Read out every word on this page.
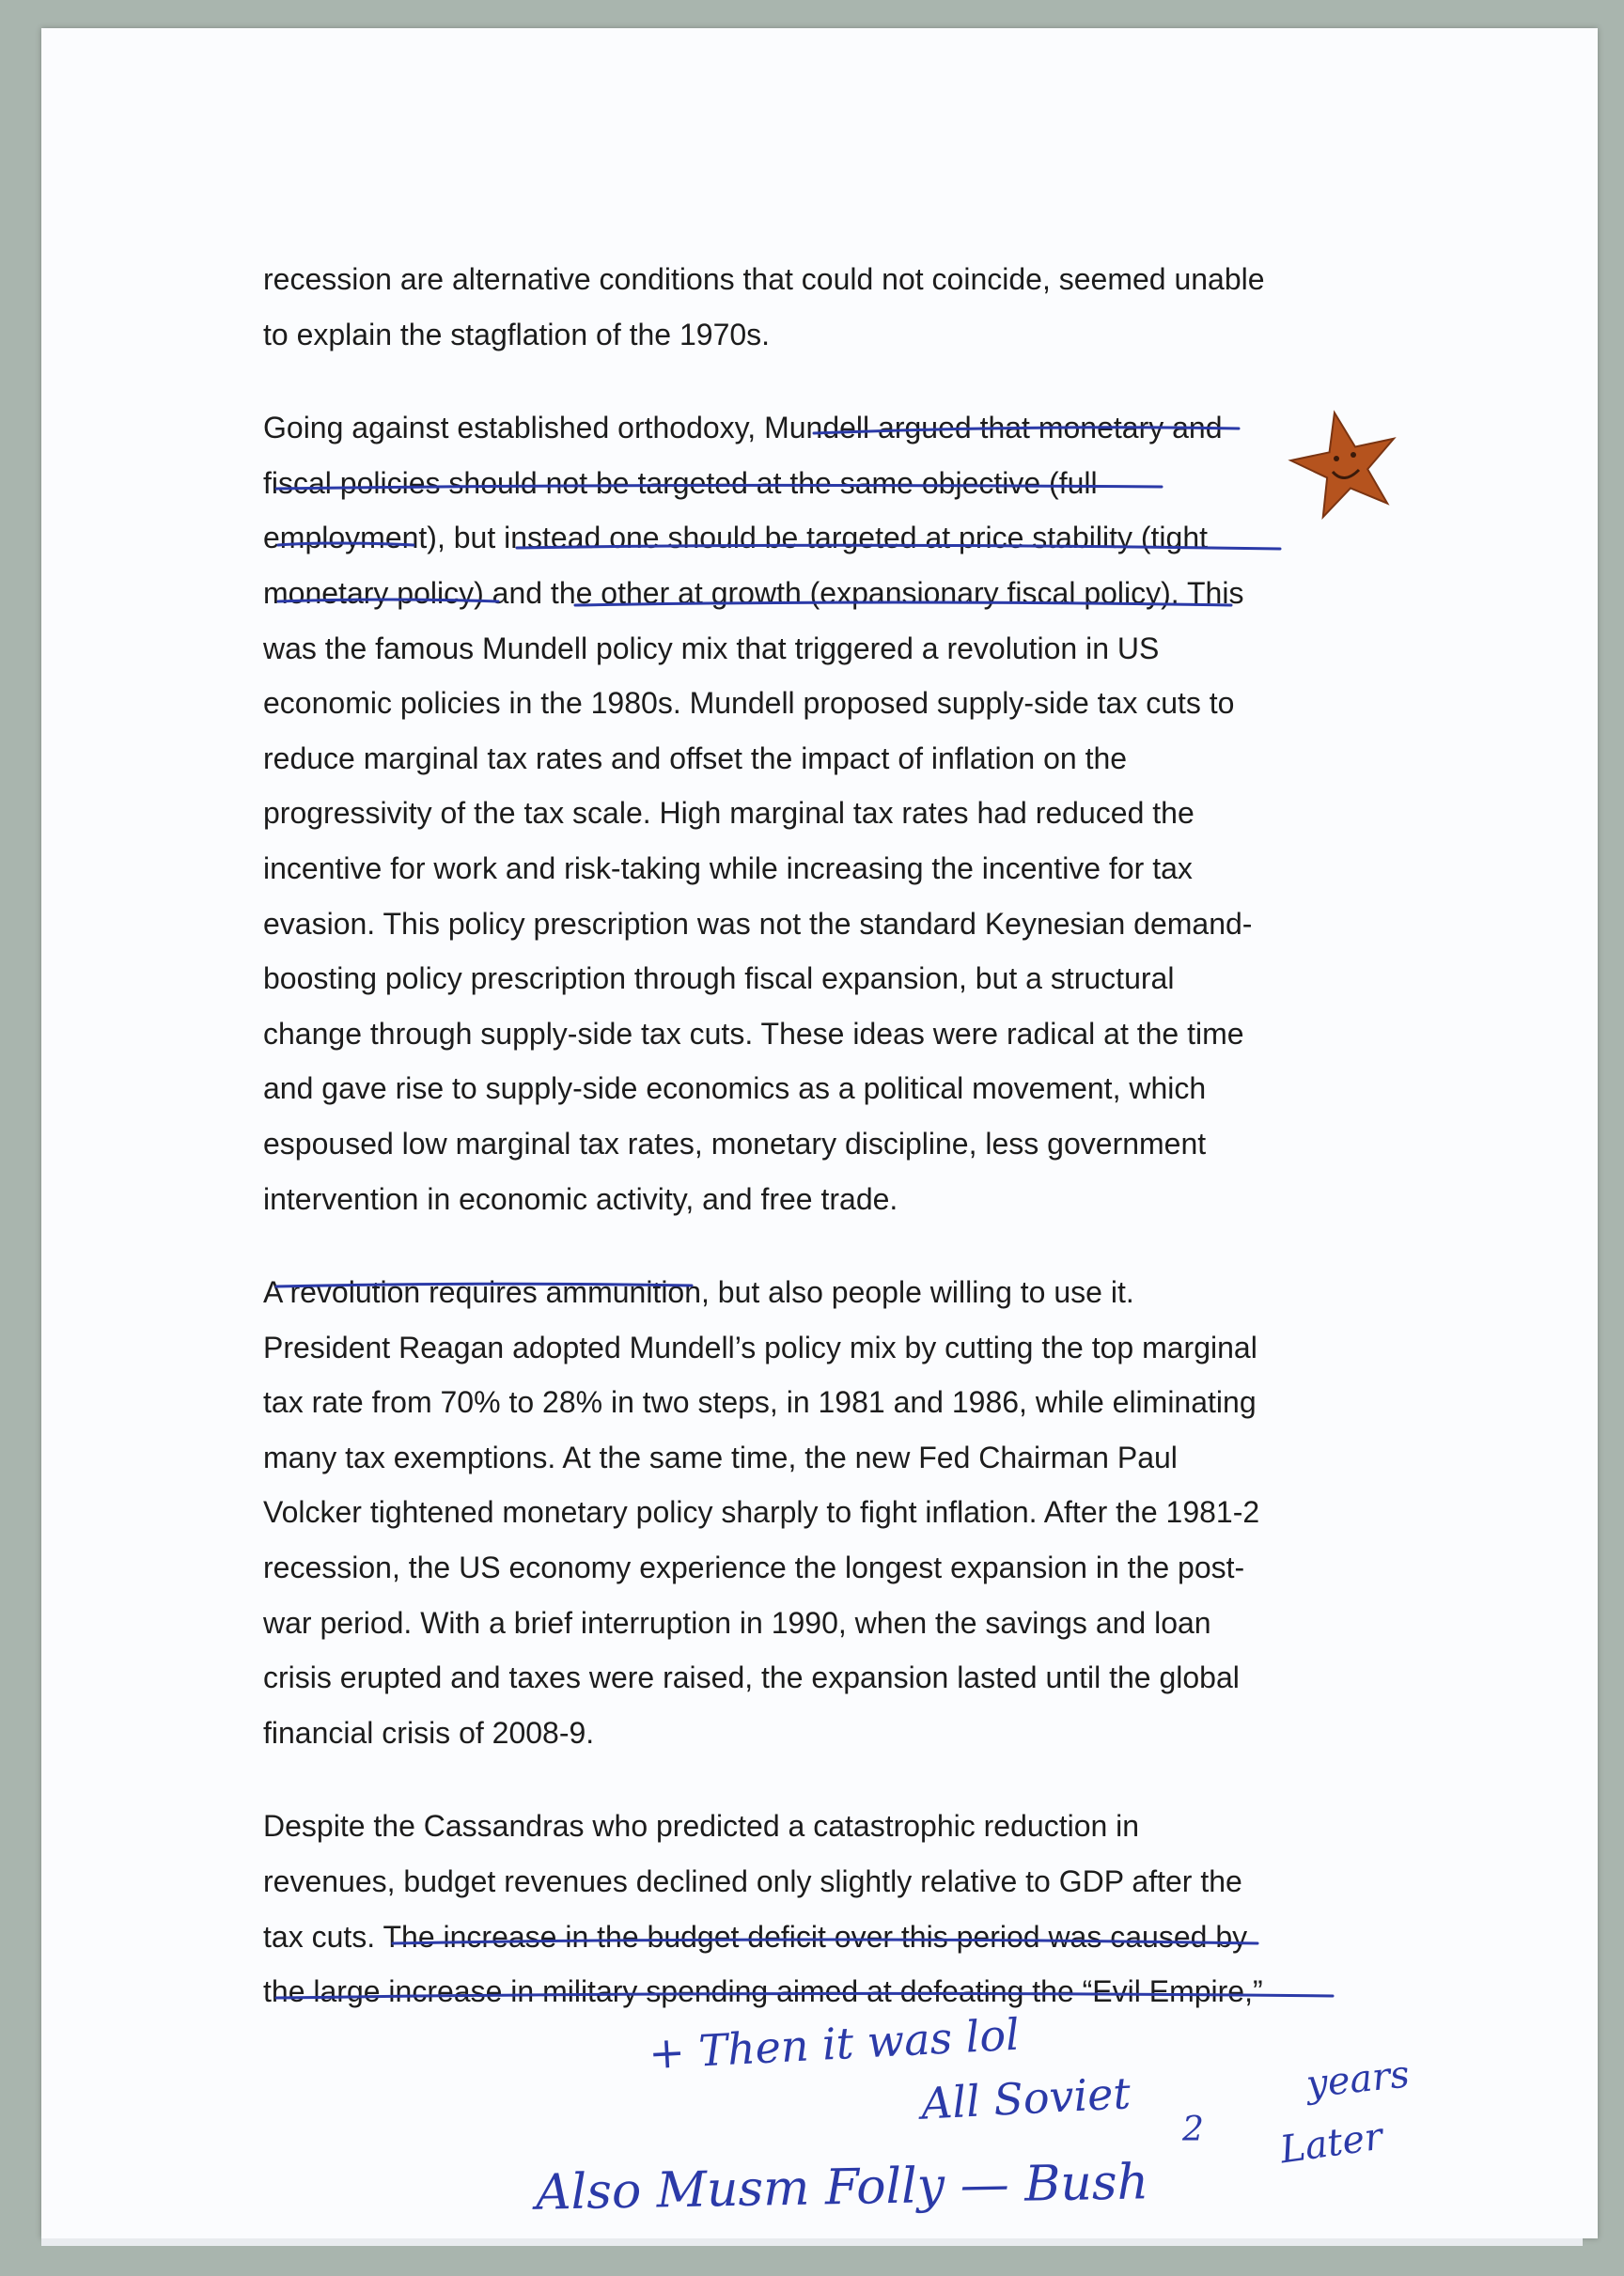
recession are alternative conditions that could not coincide, seemed unable
to explain the stagflation of the 1970s.
Going against established orthodoxy, Mundell argued that monetary and
fiscal policies should not be targeted at the same objective (full
employment), but instead one should be targeted at price stability (tight
monetary policy) and the other at growth (expansionary fiscal policy). This
was the famous Mundell policy mix that triggered a revolution in US
economic policies in the 1980s. Mundell proposed supply-side tax cuts to
reduce marginal tax rates and offset the impact of inflation on the
progressivity of the tax scale. High marginal tax rates had reduced the
incentive for work and risk-taking while increasing the incentive for tax
evasion. This policy prescription was not the standard Keynesian demand-
boosting policy prescription through fiscal expansion, but a structural
change through supply-side tax cuts. These ideas were radical at the time
and gave rise to supply-side economics as a political movement, which
espoused low marginal tax rates, monetary discipline, less government
intervention in economic activity, and free trade.
A revolution requires ammunition, but also people willing to use it.
President Reagan adopted Mundell’s policy mix by cutting the top marginal
tax rate from 70% to 28% in two steps, in 1981 and 1986, while eliminating
many tax exemptions. At the same time, the new Fed Chairman Paul
Volcker tightened monetary policy sharply to fight inflation. After the 1981-2
recession, the US economy experience the longest expansion in the post-
war period. With a brief interruption in 1990, when the savings and loan
crisis erupted and taxes were raised, the expansion lasted until the global
financial crisis of 2008-9.
Despite the Cassandras who predicted a catastrophic reduction in
revenues, budget revenues declined only slightly relative to GDP after the
tax cuts. The increase in the budget deficit over this period was caused by
the large increase in military spending aimed at defeating the “Evil Empire,”
+ Then it was lol
All Soviet	years
2 Later
Also Musm Folly — Bush
